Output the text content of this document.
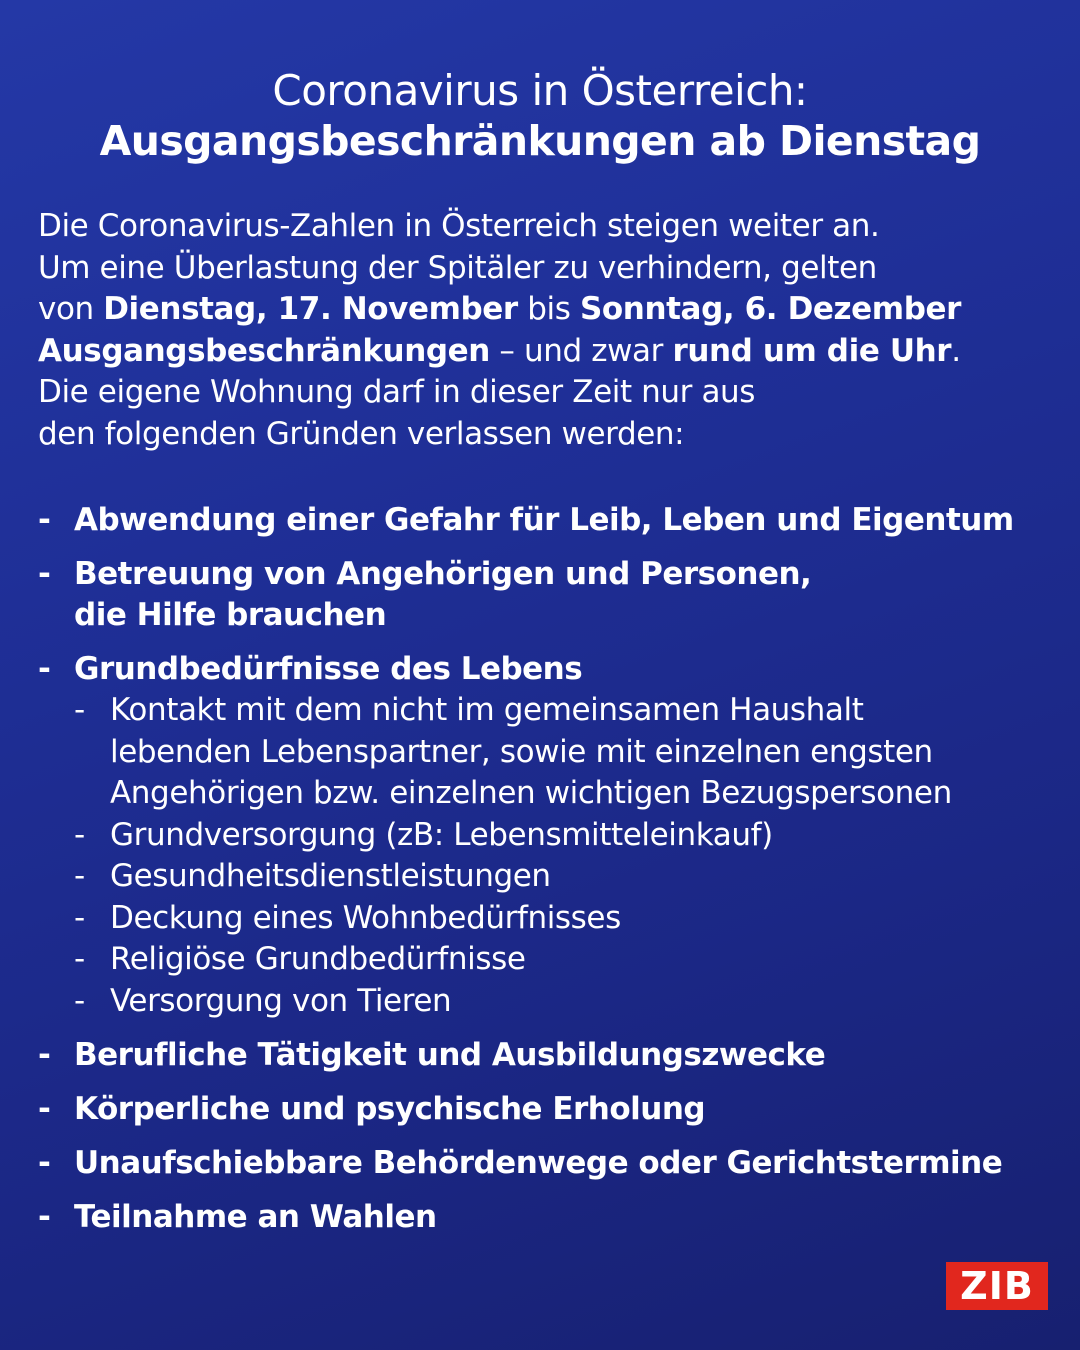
Coronavirus in Österreich:
Ausgangsbeschränkungen ab Dienstag
Die Coronavirus-Zahlen in Österreich steigen weiter an.
Um eine Überlastung der Spitäler zu verhindern, gelten
von Dienstag, 17. November bis Sonntag, 6. Dezember
Ausgangsbeschränkungen – und zwar rund um die Uhr.
Die eigene Wohnung darf in dieser Zeit nur aus
den folgenden Gründen verlassen werden:
- Abwendung einer Gefahr für Leib, Leben und Eigentum
- Betreuung von Angehörigen und Personen,
die Hilfe brauchen
- Grundbedürfnisse des Lebens
- Kontakt mit dem nicht im gemeinsamen Haushalt
lebenden Lebenspartner, sowie mit einzelnen engsten
Angehörigen bzw. einzelnen wichtigen Bezugspersonen
- Grundversorgung (zB: Lebensmitteleinkauf)
- Gesundheitsdienstleistungen
- Deckung eines Wohnbedürfnisses
- Religiöse Grundbedürfnisse
- Versorgung von Tieren
- Berufliche Tätigkeit und Ausbildungszwecke
- Körperliche und psychische Erholung
- Unaufschiebbare Behördenwege oder Gerichtstermine
- Teilnahme an Wahlen
ZIB
